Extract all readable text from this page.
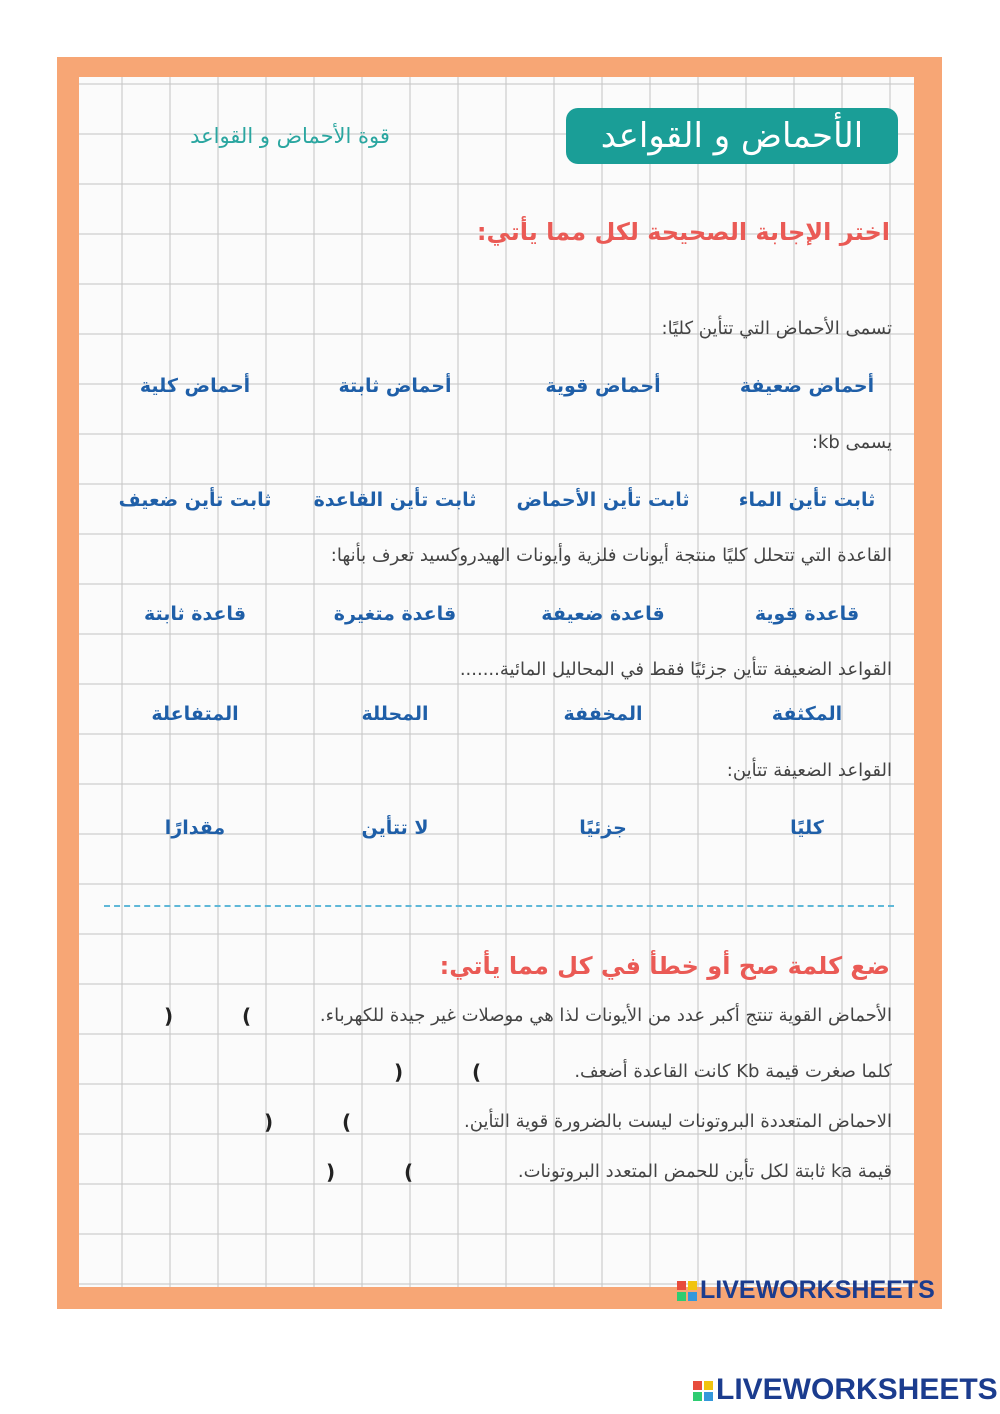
الأحماض و القواعد
قوة الأحماض و القواعد
اختر الإجابة الصحيحة لكل مما يأتي:
تسمى الأحماض التي تتأين كليًا:
أحماض ضعيفة
أحماض قوية
أحماض ثابتة
أحماض كلية
يسمى kb:
ثابت تأين الماء
ثابت تأين الأحماض
ثابت تأين القاعدة
ثابت تأين ضعيف
القاعدة التي تتحلل كليًا منتجة أيونات فلزية وأيونات الهيدروكسيد تعرف بأنها:
قاعدة قوية
قاعدة ضعيفة
قاعدة متغيرة
قاعدة ثابتة
القواعد الضعيفة تتأين جزئيًا فقط في المحاليل المائية.......
المكثفة
المخففة
المحللة
المتفاعلة
القواعد الضعيفة تتأين:
كليًا
جزئيًا
لا تتأين
مقدارًا
ضع كلمة صح أو خطأ في كل مما يأتي:
الأحماض القوية تنتج أكبر عدد من الأيونات لذا هي موصلات غير جيدة للكهرباء.
)	(
كلما صغرت قيمة Kb كانت القاعدة أضعف.
)	(
الاحماض المتعددة البروتونات ليست بالضرورة قوية التأين.
)	(
قيمة ka ثابتة لكل تأين للحمض المتعدد البروتونات.
)	(
LIVEWORKSHEETS
LIVEWORKSHEETS
